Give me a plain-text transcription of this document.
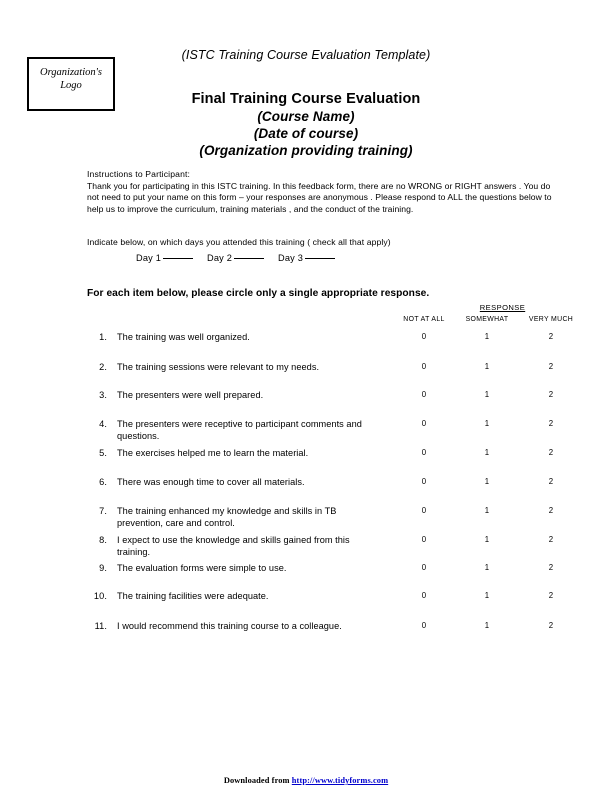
Organization's
Logo
(ISTC Training Course Evaluation Template)
Final Training Course Evaluation
(Course Name)
(Date of course)
(Organization providing training)
Instructions to Participant:
Thank you for participating in this ISTC training. In this feedback form, there are no WRONG or RIGHT answers . You do not need to put your name on this form – your responses are anonymous . Please respond to ALL the questions below to help us to improve the curriculum, training materials , and the conduct of the training.
Indicate below, on which days you attended this training ( check all that apply)
Day 1	Day 2	Day 3
For each item below, please circle only a single appropriate response.
RESPONSE
NOT AT ALL	SOMEWHAT	VERY MUCH
1. The training was well organized.	0	1	2
2. The training sessions were relevant to my needs.	0	1	2
3. The presenters were well prepared.	0	1	2
4. The presenters were receptive to participant comments and questions.
0	1	2
5. The exercises helped me to learn the material.	0	1	2
6. There was enough time to cover all materials.	0	1	2
7. The training enhanced my knowledge and skills in TB prevention, care and control.
0	1	2
8. I expect to use the knowledge and skills gained from this training.
0	1	2
9. The evaluation forms were simple to use.	0	1	2
10. The training facilities were adequate.	0	1	2
11. I would recommend this training course to a colleague.	0	1	2
Downloaded from http://www.tidyforms.com
